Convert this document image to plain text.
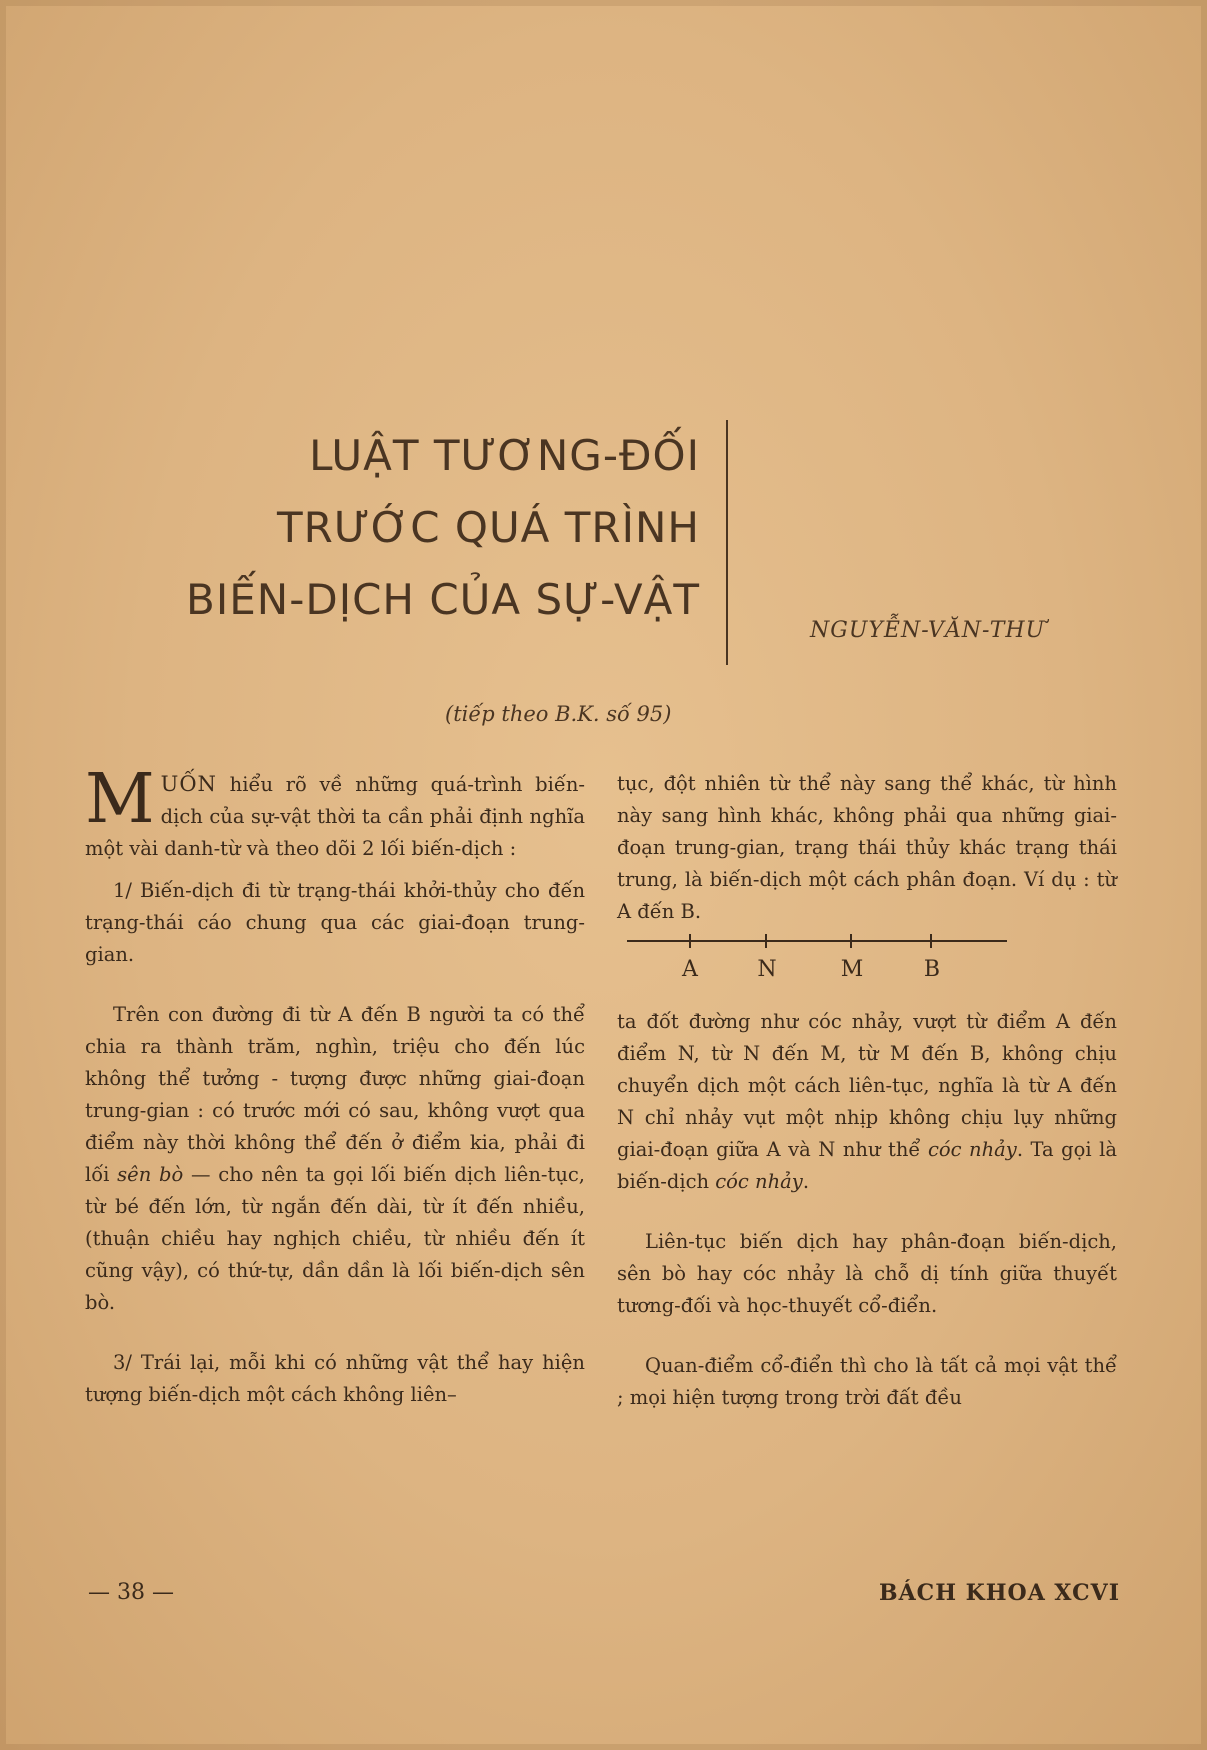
LUẬT TƯƠNG-ĐỐI
TRƯỚC QUÁ TRÌNH
BIẾN-DỊCH CỦA SỰ-VẬT
NGUYỄN-VĂN-THƯ
(tiếp theo B.K. số 95)

MUỐN hiểu rõ về những quá-trình biến-dịch của sự-vật thời ta cần phải định nghĩa một vài danh-từ và theo dõi 2 lối biến-dịch :

1/ Biến-dịch đi từ trạng-thái khởi-thủy cho đến trạng-thái cáo chung qua các giai-đoạn trung-gian.

Trên con đường đi từ A đến B người ta có thể chia ra thành trăm, nghìn, triệu cho đến lúc không thể tưởng - tượng được những giai-đoạn trung-gian : có trước mới có sau, không vượt qua điểm này thời không thể đến ở điểm kia, phải đi lối sên bò — cho nên ta gọi lối biến dịch liên-tục, từ bé đến lớn, từ ngắn đến dài, từ ít đến nhiều, (thuận chiều hay nghịch chiều, từ nhiều đến ít cũng vậy), có thứ-tự, dần dần là lối biến-dịch sên bò.

3/ Trái lại, mỗi khi có những vật thể hay hiện tượng biến-dịch một cách không liên–

tục, đột nhiên từ thể này sang thể khác, từ hình này sang hình khác, không phải qua những giai-đoạn trung-gian, trạng thái thủy khác trạng thái trung, là biến-dịch một cách phân đoạn. Ví dụ : từ A đến B.

A	N	M	B

ta đốt đường như cóc nhảy, vượt từ điểm A đến điểm N, từ N đến M, từ M đến B, không chịu chuyển dịch một cách liên-tục, nghĩa là từ A đến N chỉ nhảy vụt một nhịp không chịu lụy những giai-đoạn giữa A và N như thể cóc nhảy. Ta gọi là biến-dịch cóc nhảy.

Liên-tục biến dịch hay phân-đoạn biến-dịch, sên bò hay cóc nhảy là chỗ dị tính giữa thuyết tương-đối và học-thuyết cổ-điển.

Quan-điểm cổ-điển thì cho là tất cả mọi vật thể ; mọi hiện tượng trong trời đất đều

— 38 —	BÁCH KHOA XCVI
